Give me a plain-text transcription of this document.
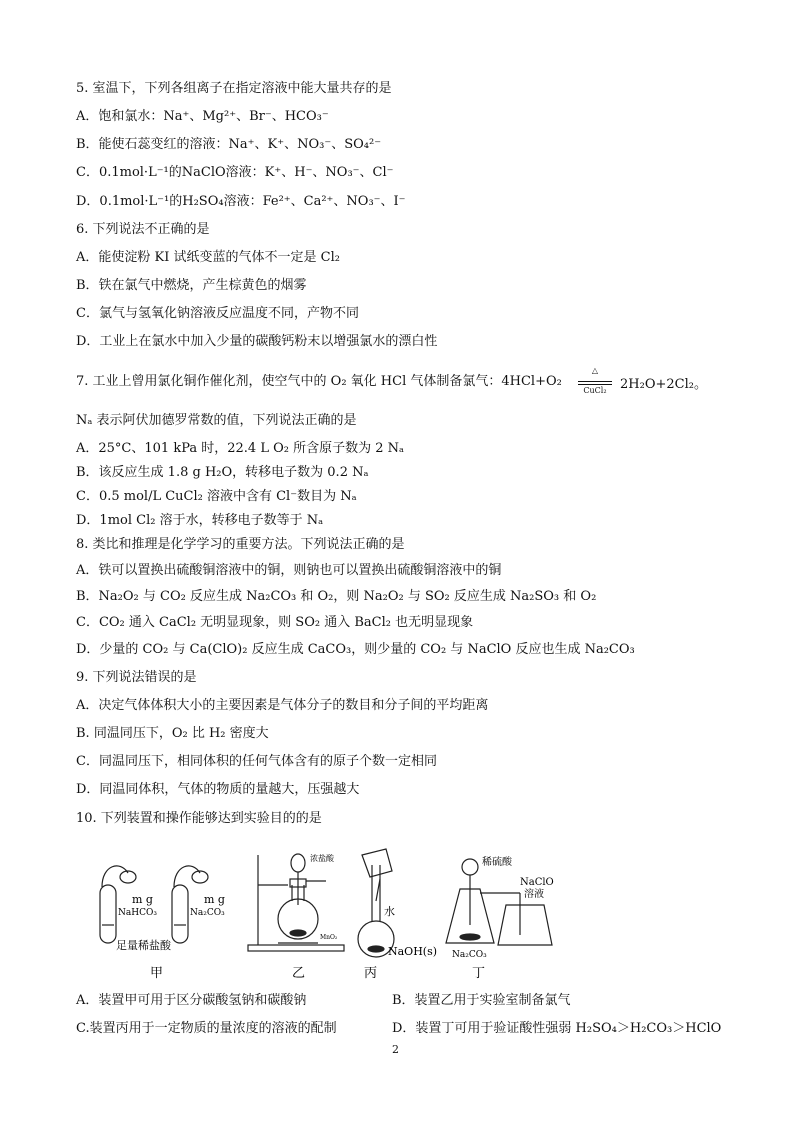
5. 室温下，下列各组离子在指定溶液中能大量共存的是
A．饱和氯水：Na⁺、Mg²⁺、Br⁻、HCO₃⁻
B．能使石蕊变红的溶液：Na⁺、K⁺、NO₃⁻、SO₄²⁻
C．0.1mol·L⁻¹的NaClO溶液：K⁺、H⁻、NO₃⁻、Cl⁻
D．0.1mol·L⁻¹的H₂SO₄溶液：Fe²⁺、Ca²⁺、NO₃⁻、I⁻
6. 下列说法不正确的是
A．能使淀粉 KI 试纸变蓝的气体不一定是 Cl₂
B．铁在氯气中燃烧，产生棕黄色的烟雾
C．氯气与氢氧化钠溶液反应温度不同，产物不同
D．工业上在氯水中加入少量的碳酸钙粉末以增强氯水的漂白性
7. 工业上曾用氯化铜作催化剂，使空气中的 O₂ 氧化 HCl 气体制备氯气：4HCl+O₂
△
CuCl₂	2H₂O+2Cl₂。
Nₐ 表示阿伏加德罗常数的值，下列说法正确的是
A．25°C、101 kPa 时，22.4 L O₂ 所含原子数为 2 Nₐ
B．该反应生成 1.8 g H₂O，转移电子数为 0.2 Nₐ
C．0.5 mol/L CuCl₂ 溶液中含有 Cl⁻数目为 Nₐ
D．1mol Cl₂ 溶于水，转移电子数等于 Nₐ
8. 类比和推理是化学学习的重要方法。下列说法正确的是
A．铁可以置换出硫酸铜溶液中的铜，则钠也可以置换出硫酸铜溶液中的铜
B．Na₂O₂ 与 CO₂ 反应生成 Na₂CO₃ 和 O₂，则 Na₂O₂ 与 SO₂ 反应生成 Na₂SO₃ 和 O₂
C．CO₂ 通入 CaCl₂ 无明显现象，则 SO₂ 通入 BaCl₂ 也无明显现象
D．少量的 CO₂ 与 Ca(ClO)₂ 反应生成 CaCO₃，则少量的 CO₂ 与 NaClO 反应也生成 Na₂CO₃
9. 下列说法错误的是
A．决定气体体积大小的主要因素是气体分子的数目和分子间的平均距离
B. 同温同压下，O₂ 比 H₂ 密度大
C．同温同压下，相同体积的任何气体含有的原子个数一定相同
D．同温同体积，气体的物质的量越大，压强越大
10. 下列装置和操作能够达到实验目的的是
m g
NaHCO₃
m g
Na₂CO₃
足量稀盐酸
甲
浓盐酸
MnO₂
乙
水
NaOH(s)
丙
稀硫酸
NaClO
溶液
Na₂CO₃
丁
A．装置甲可用于区分碳酸氢钠和碳酸钠	B．装置乙用于实验室制备氯气
C.装置丙用于一定物质的量浓度的溶液的配制	D．装置丁可用于验证酸性强弱 H₂SO₄＞H₂CO₃＞HClO
2
